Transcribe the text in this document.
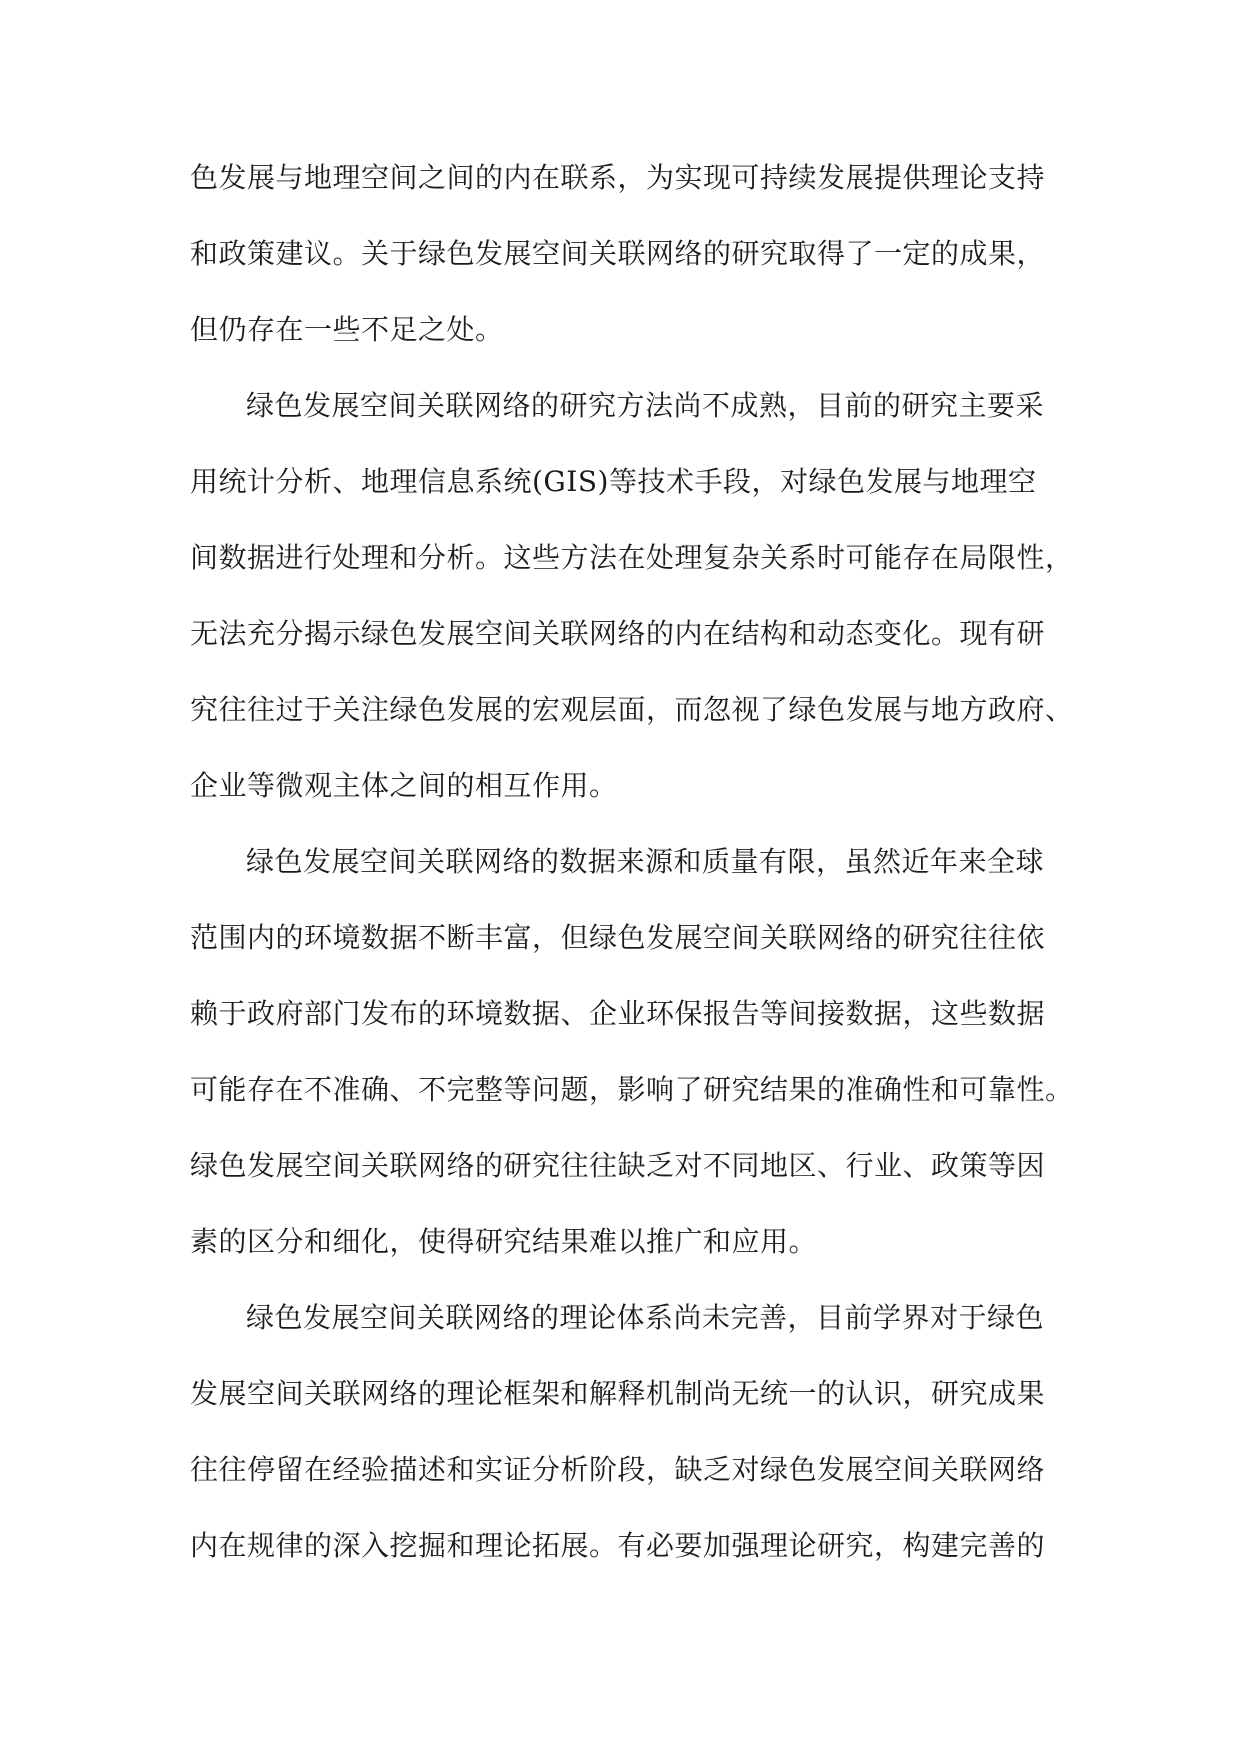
色发展与地理空间之间的内在联系，为实现可持续发展提供理论支持
和政策建议。关于绿色发展空间关联网络的研究取得了一定的成果，
但仍存在一些不足之处。
绿色发展空间关联网络的研究方法尚不成熟，目前的研究主要采
用统计分析、地理信息系统(GIS)等技术手段，对绿色发展与地理空
间数据进行处理和分析。这些方法在处理复杂关系时可能存在局限性，
无法充分揭示绿色发展空间关联网络的内在结构和动态变化。现有研
究往往过于关注绿色发展的宏观层面，而忽视了绿色发展与地方政府、
企业等微观主体之间的相互作用。
绿色发展空间关联网络的数据来源和质量有限，虽然近年来全球
范围内的环境数据不断丰富，但绿色发展空间关联网络的研究往往依
赖于政府部门发布的环境数据、企业环保报告等间接数据，这些数据
可能存在不准确、不完整等问题，影响了研究结果的准确性和可靠性。
绿色发展空间关联网络的研究往往缺乏对不同地区、行业、政策等因
素的区分和细化，使得研究结果难以推广和应用。
绿色发展空间关联网络的理论体系尚未完善，目前学界对于绿色
发展空间关联网络的理论框架和解释机制尚无统一的认识，研究成果
往往停留在经验描述和实证分析阶段，缺乏对绿色发展空间关联网络
内在规律的深入挖掘和理论拓展。有必要加强理论研究，构建完善的
